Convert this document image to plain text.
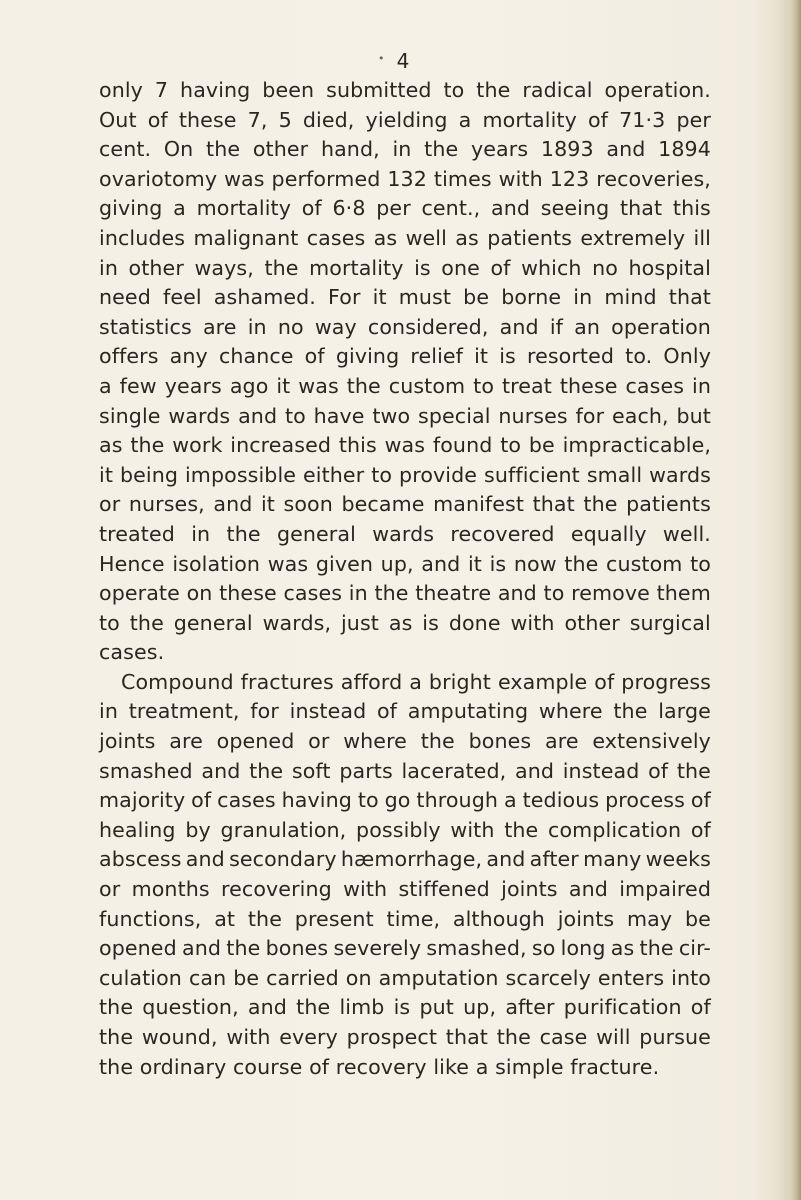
• 4
only 7 having been submitted to the radical operation.
Out of these 7, 5 died, yielding a mortality of 71·3 per
cent. On the other hand, in the years 1893 and 1894
ovariotomy was performed 132 times with 123 recoveries,
giving a mortality of 6·8 per cent., and seeing that this
includes malignant cases as well as patients extremely ill
in other ways, the mortality is one of which no hospital
need feel ashamed. For it must be borne in mind that
statistics are in no way considered, and if an operation
offers any chance of giving relief it is resorted to. Only
a few years ago it was the custom to treat these cases in
single wards and to have two special nurses for each, but
as the work increased this was found to be impracticable,
it being impossible either to provide sufficient small wards
or nurses, and it soon became manifest that the patients
treated in the general wards recovered equally well.
Hence isolation was given up, and it is now the custom to
operate on these cases in the theatre and to remove them
to the general wards, just as is done with other surgical
cases.
Compound fractures afford a bright example of progress
in treatment, for instead of amputating where the large
joints are opened or where the bones are extensively
smashed and the soft parts lacerated, and instead of the
majority of cases having to go through a tedious process of
healing by granulation, possibly with the complication of
abscess and secondary hæmorrhage, and after many weeks
or months recovering with stiffened joints and impaired
functions, at the present time, although joints may be
opened and the bones severely smashed, so long as the cir-
culation can be carried on amputation scarcely enters into
the question, and the limb is put up, after purification of
the wound, with every prospect that the case will pursue
the ordinary course of recovery like a simple fracture.
